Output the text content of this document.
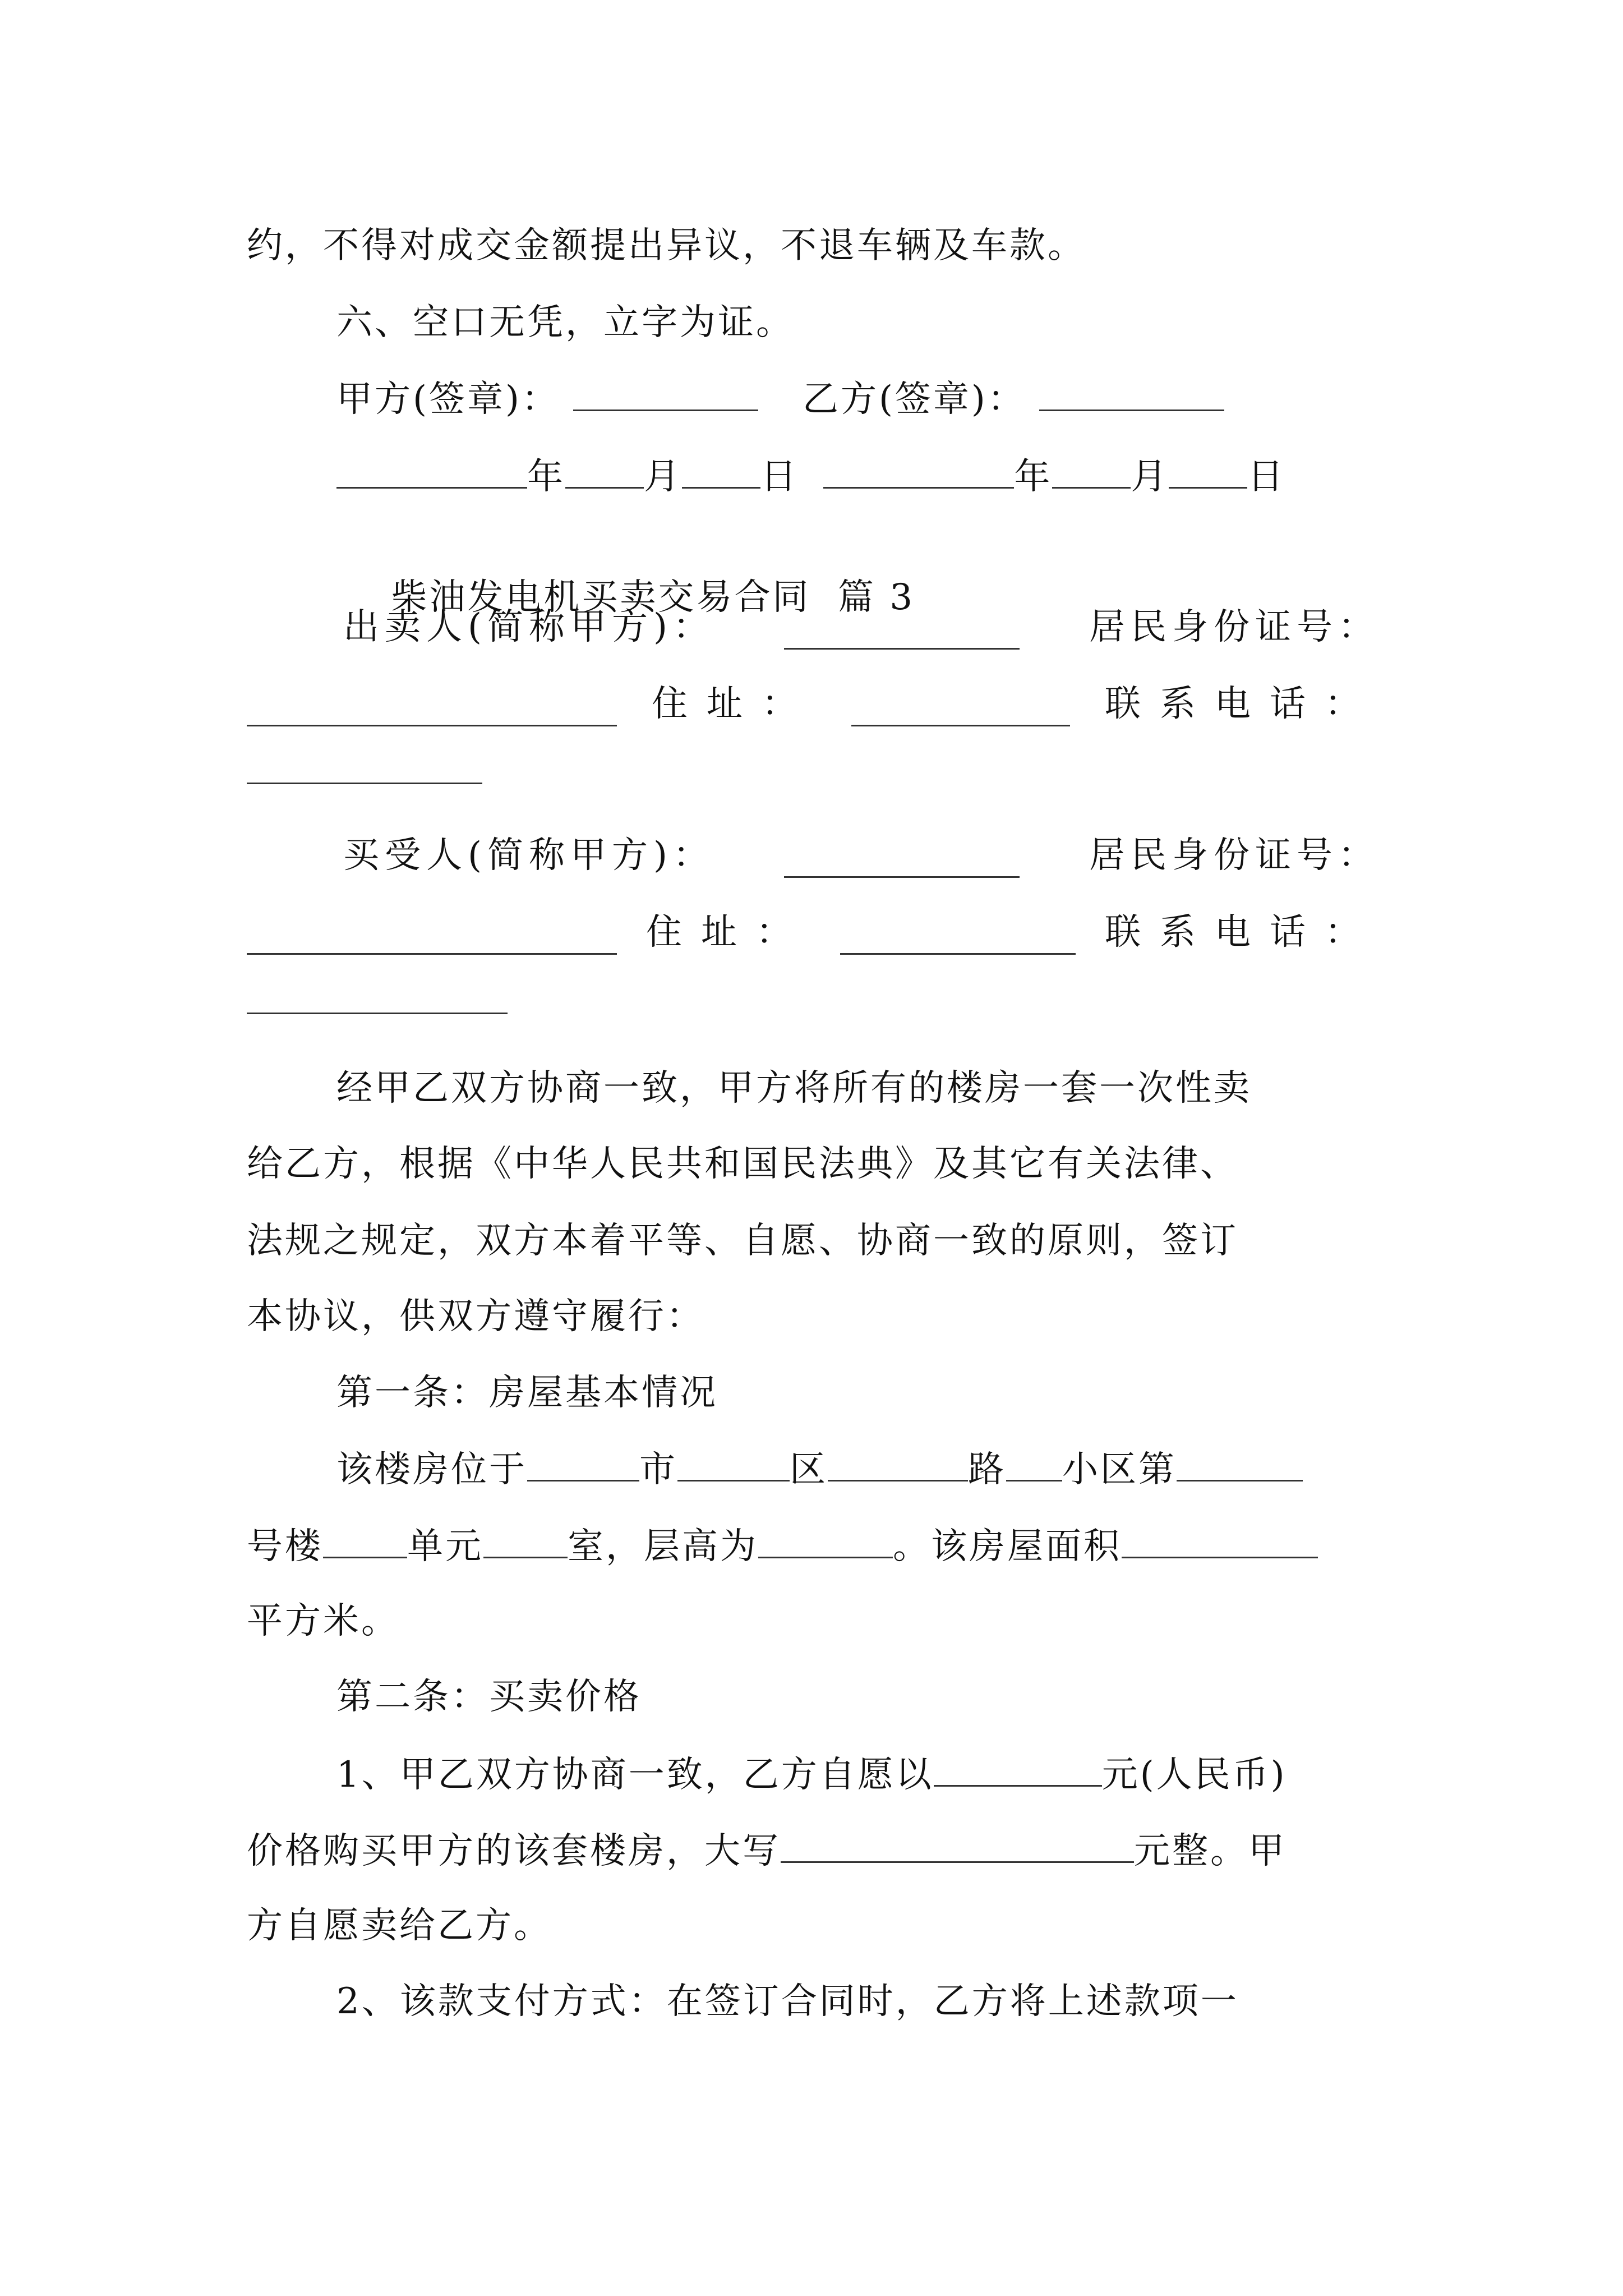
约，不得对成交金额提出异议，不退车辆及车款。
六、空口无凭，立字为证。
甲方(签章)：	乙方(签章)：
年 月 日	年 月 日

柴油发电机买卖交易合同  篇 3

出卖人(简称甲方)：	居民身份证号：
住址：	联系电话：
买受人(简称甲方)：	居民身份证号：
住址：	联系电话：
经甲乙双方协商一致，甲方将所有的楼房一套一次性卖
给乙方，根据《中华人民共和国民法典》及其它有关法律、
法规之规定，双方本着平等、自愿、协商一致的原则，签订
本协议，供双方遵守履行：
第一条：房屋基本情况
该楼房位于	市	区	路 小区第
号楼 单元 室，层高为	。该房屋面积
平方米。
第二条：买卖价格
1、甲乙双方协商一致，乙方自愿以	元(人民币)
价格购买甲方的该套楼房，大写	元整。甲
方自愿卖给乙方。
2、该款支付方式：在签订合同时，乙方将上述款项一
